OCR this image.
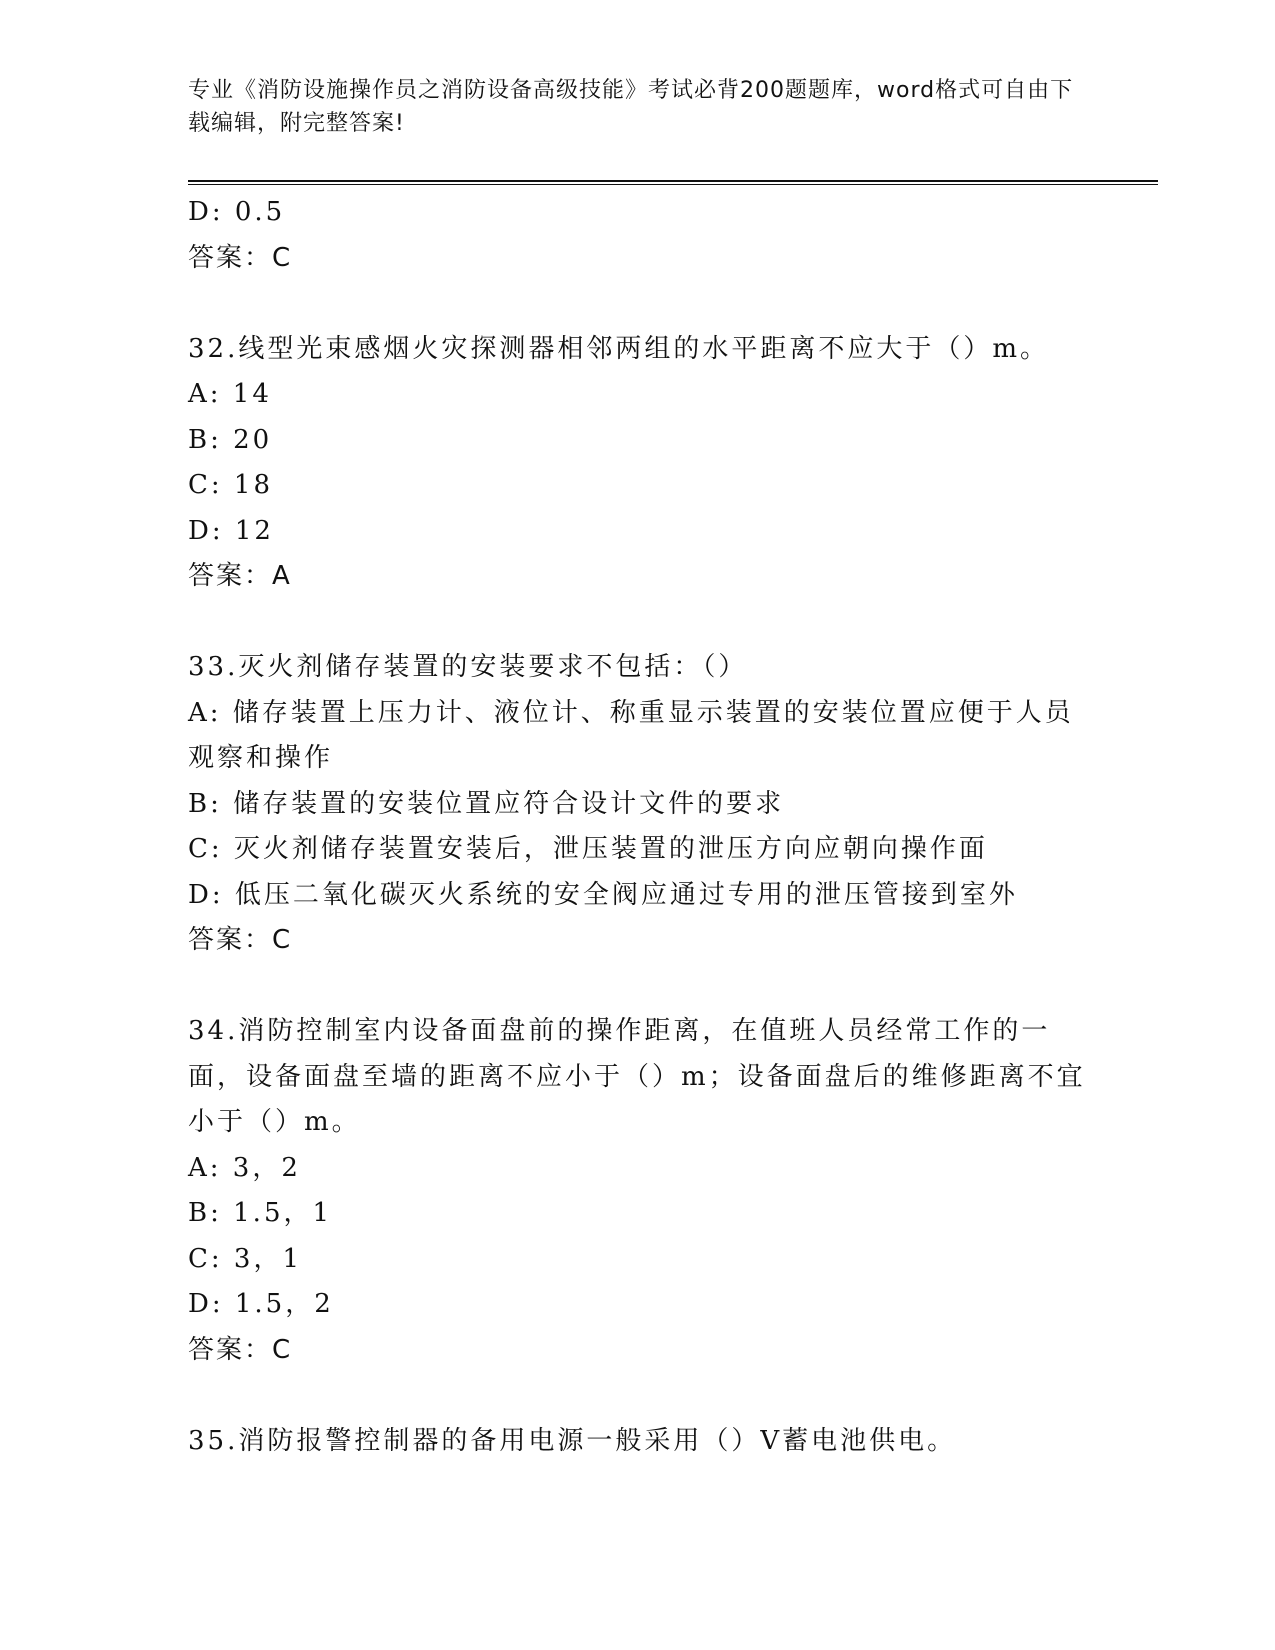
专业《消防设施操作员之消防设备高级技能》考试必背200题题库，word格式可自由下载编辑，附完整答案!
D: 0.5
答案：C
32.线型光束感烟火灾探测器相邻两组的水平距离不应大于（）m。
A: 14
B: 20
C: 18
D: 12
答案：A
33.灭火剂储存装置的安装要求不包括：（）
A: 储存装置上压力计、液位计、称重显示装置的安装位置应便于人员观察和操作
B: 储存装置的安装位置应符合设计文件的要求
C: 灭火剂储存装置安装后，泄压装置的泄压方向应朝向操作面
D: 低压二氧化碳灭火系统的安全阀应通过专用的泄压管接到室外
答案：C
34.消防控制室内设备面盘前的操作距离，在值班人员经常工作的一面，设备面盘至墙的距离不应小于（）m；设备面盘后的维修距离不宜小于（）m。
A: 3，2
B: 1.5，1
C: 3，1
D: 1.5，2
答案：C
35.消防报警控制器的备用电源一般采用（）V蓄电池供电。
